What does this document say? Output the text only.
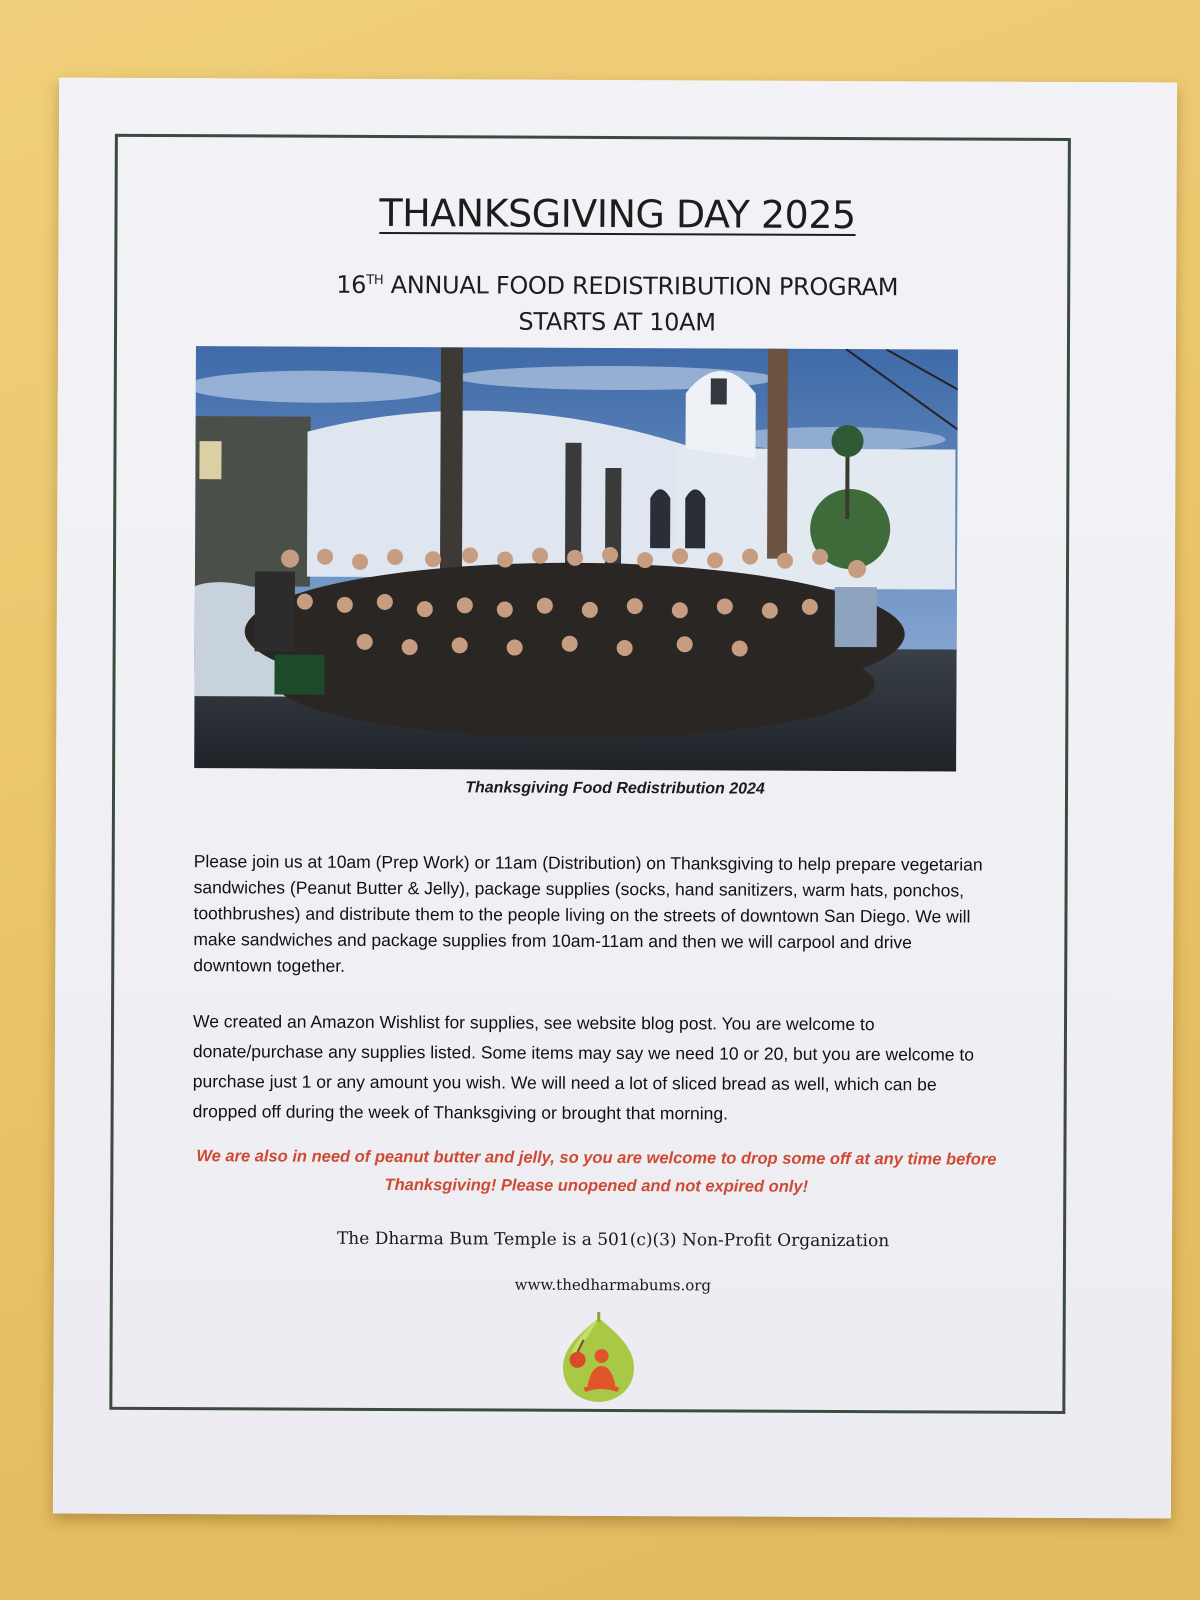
THANKSGIVING DAY 2025
16TH ANNUAL FOOD REDISTRIBUTION PROGRAM
STARTS AT 10AM
Thanksgiving Food Redistribution 2024

Please join us at 10am (Prep Work) or 11am (Distribution) on Thanksgiving to help prepare vegetarian sandwiches (Peanut Butter & Jelly), package supplies (socks, hand sanitizers, warm hats, ponchos, toothbrushes) and distribute them to the people living on the streets of downtown San Diego. We will make sandwiches and package supplies from 10am-11am and then we will carpool and drive downtown together.

We created an Amazon Wishlist for supplies, see website blog post. You are welcome to donate/purchase any supplies listed. Some items may say we need 10 or 20, but you are welcome to purchase just 1 or any amount you wish. We will need a lot of sliced bread as well, which can be dropped off during the week of Thanksgiving or brought that morning.

We are also in need of peanut butter and jelly, so you are welcome to drop some off at any time before Thanksgiving! Please unopened and not expired only!
The Dharma Bum Temple is a 501(c)(3) Non-Profit Organization
www.thedharmabums.org
